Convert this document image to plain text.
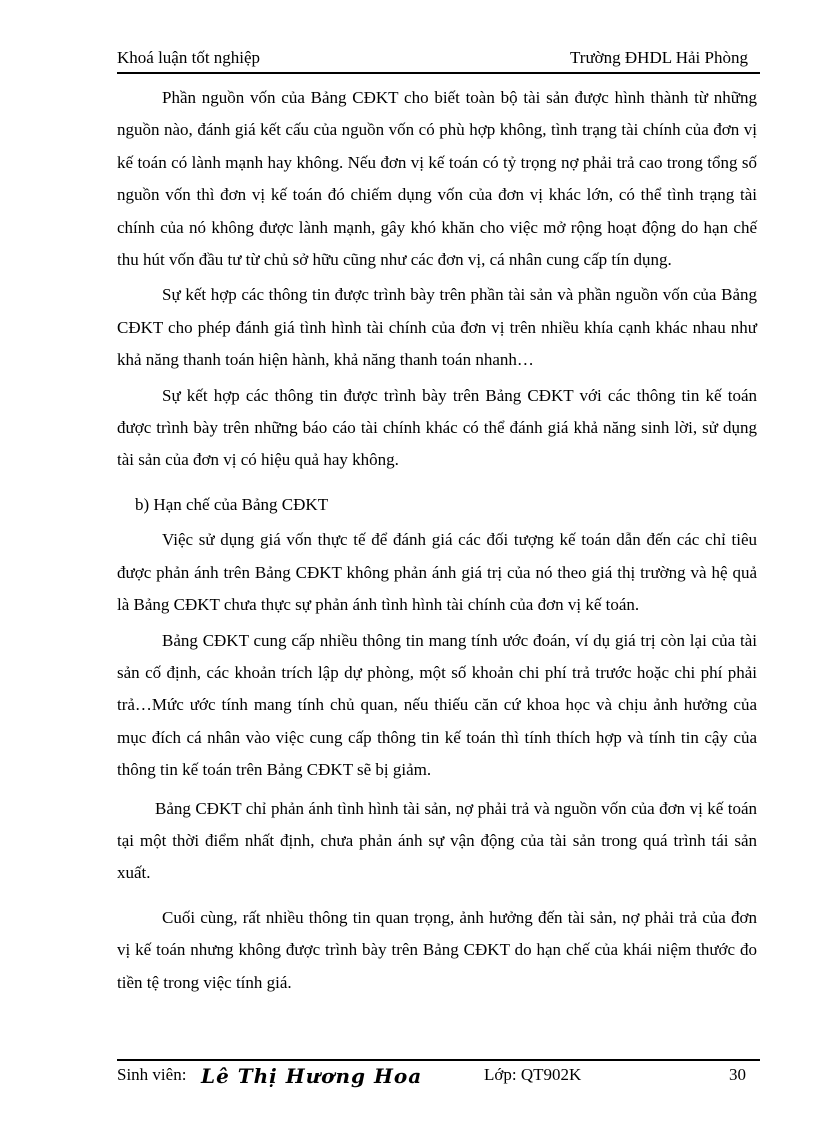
Khoá luận tốt nghiệp	Trường ĐHDL Hải Phòng

Phần nguồn vốn của Bảng CĐKT cho biết toàn bộ tài sản được hình thành từ những nguồn nào, đánh giá kết cấu của nguồn vốn có phù hợp không, tình trạng tài chính của đơn vị kế toán có lành mạnh hay không. Nếu đơn vị kế toán có tỷ trọng nợ phải trả cao trong tổng số nguồn vốn thì đơn vị kế toán đó chiếm dụng vốn của đơn vị khác lớn, có thể tình trạng tài chính của nó không được lành mạnh, gây khó khăn cho việc mở rộng hoạt động do hạn chế thu hút vốn đầu tư từ chủ sở hữu cũng như các đơn vị, cá nhân cung cấp tín dụng.

Sự kết hợp các thông tin được trình bày trên phần tài sản và phần nguồn vốn của Bảng CĐKT cho phép đánh giá tình hình tài chính của đơn vị trên nhiều khía cạnh khác nhau như khả năng thanh toán hiện hành, khả năng thanh toán nhanh…

Sự kết hợp các thông tin được trình bày trên Bảng CĐKT với các thông tin kế toán được trình bày trên những báo cáo tài chính khác có thể đánh giá khả năng sinh lời, sử dụng tài sản của đơn vị có hiệu quả hay không.

b) Hạn chế của Bảng CĐKT

Việc sử dụng giá vốn thực tế để đánh giá các đối tượng kế toán dẫn đến các chỉ tiêu được phản ánh trên Bảng CĐKT không phản ánh giá trị của nó theo giá thị trường và hệ quả là Bảng CĐKT chưa thực sự phản ánh tình hình tài chính của đơn vị kế toán.

Bảng CĐKT cung cấp nhiều thông tin mang tính ước đoán, ví dụ giá trị còn lại của tài sản cố định, các khoản trích lập dự phòng, một số khoản chi phí trả trước hoặc chi phí phải trả…Mức ước tính mang tính chủ quan, nếu thiếu căn cứ khoa học và chịu ảnh hưởng của mục đích cá nhân vào việc cung cấp thông tin kế toán thì tính thích hợp và tính tin cậy của thông tin kế toán trên Bảng CĐKT sẽ bị giảm.

Bảng CĐKT chỉ phản ánh tình hình tài sản, nợ phải trả và nguồn vốn của đơn vị kế toán tại một thời điểm nhất định, chưa phản ánh sự vận động của tài sản trong quá trình tái sản xuất.

Cuối cùng, rất nhiều thông tin quan trọng, ảnh hưởng đến tài sản, nợ phải trả của đơn vị kế toán nhưng không được trình bày trên Bảng CĐKT do hạn chế của khái niệm thước đo tiền tệ trong việc tính giá.

Sinh viên: Lê Thị Hương Hoa	Lớp: QT902K	30
